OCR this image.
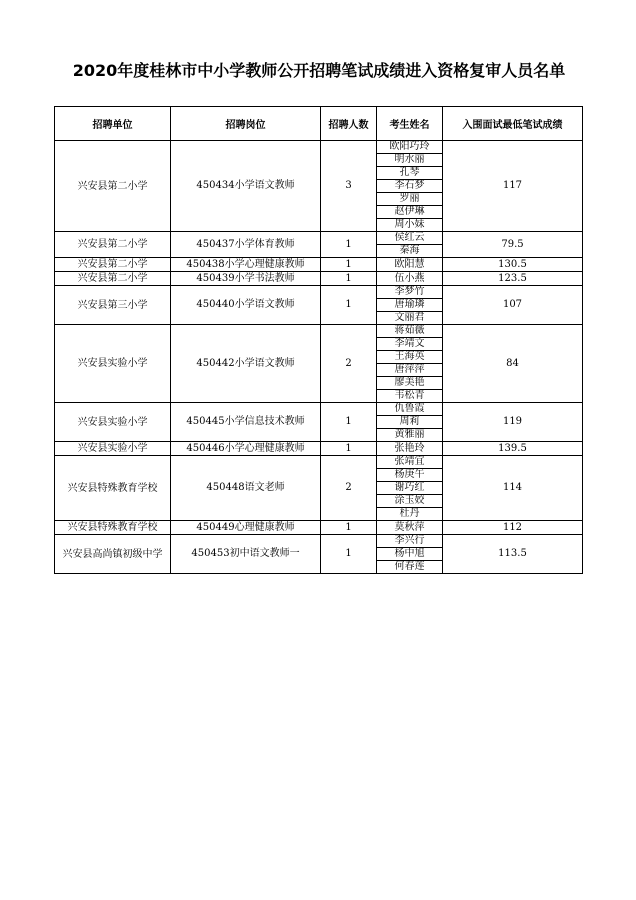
2020年度桂林市中小学教师公开招聘笔试成绩进入资格复审人员名单
招聘单位	招聘岗位	招聘人数	考生姓名	入围面试最低笔试成绩
兴安县第二小学	450434小学语文教师	3	欧阳巧玲	117
			明水丽	
			孔琴	
			李石梦	
			罗丽	
			赵伊琳	
			周小妹	
兴安县第二小学	450437小学体育教师	1	侯红云	79.5
			秦海	
兴安县第二小学	450438小学心理健康教师	1	欧阳慧	130.5
兴安县第二小学	450439小学书法教师	1	伍小燕	123.5
兴安县第三小学	450440小学语文教师	1	李梦竹	107
			唐瑜璘	
			文丽君	
兴安县实验小学	450442小学语文教师	2	蒋茹薇	84
			李靖文	
			王海英	
			唐萍萍	
			廖美艳	
			韦松青	
兴安县实验小学	450445小学信息技术教师	1	仇鲁霞	119
			周莉	
			黄雅丽	
兴安县实验小学	450446小学心理健康教师	1	张艳玲	139.5
兴安县特殊教育学校	450448语文老师	2	张靖宜	114
			杨庚午	
			谢巧红	
			涂玉姣	
			杜丹	
兴安县特殊教育学校	450449心理健康教师	1	莫秋萍	112
兴安县高尚镇初级中学	450453初中语文教师一	1	李兴行	113.5
			杨中旭	
			何春莲	
